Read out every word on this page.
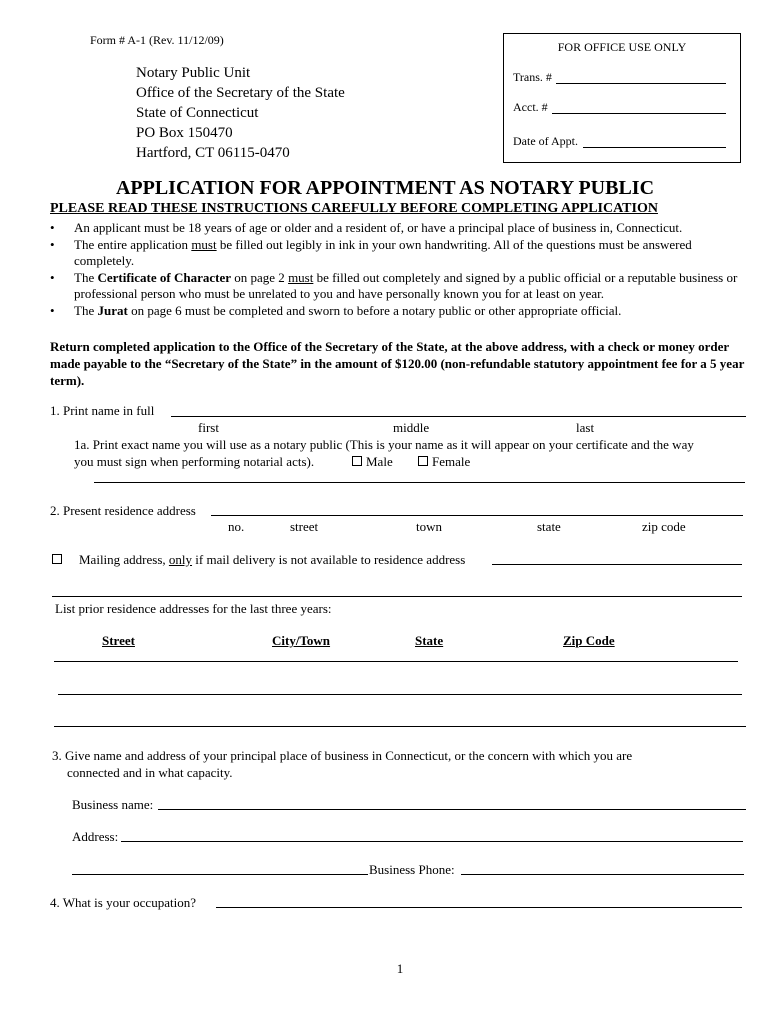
Form # A-1 (Rev. 11/12/09)	FOR OFFICE USE ONLY
Trans. #
Acct. #
Date of Appt.
Notary Public Unit
Office of the Secretary of the State
State of Connecticut
PO Box 150470
Hartford, CT 06115-0470
APPLICATION FOR APPOINTMENT AS NOTARY PUBLIC
PLEASE READ THESE INSTRUCTIONS CAREFULLY BEFORE COMPLETING APPLICATION
•	An applicant must be 18 years of age or older and a resident of, or have a principal place of business in, Connecticut.
•	The entire application must be filled out legibly in ink in your own handwriting. All of the questions must be answered completely.
•	The Certificate of Character on page 2 must be filled out completely and signed by a public official or a reputable business or professional person who must be unrelated to you and have personally known you for at least on year.
•	The Jurat on page 6 must be completed and sworn to before a notary public or other appropriate official.
Return completed application to the Office of the Secretary of the State, at the above address, with a check or money order made payable to the “Secretary of the State” in the amount of $120.00 (non-refundable statutory appointment fee for a 5 year term).
1. Print name in full
first	middle	last
1a. Print exact name you will use as a notary public (This is your name as it will appear on your certificate and the way
you must sign when performing notarial acts).	Male	Female
2. Present residence address
no.	street	town	state	zip code
Mailing address, only if mail delivery is not available to residence address
List prior residence addresses for the last three years:
Street	City/Town	State	Zip Code
3. Give name and address of your principal place of business in Connecticut, or the concern with which you are
connected and in what capacity.
Business name:
Address:
Business Phone:
4. What is your occupation?
1
